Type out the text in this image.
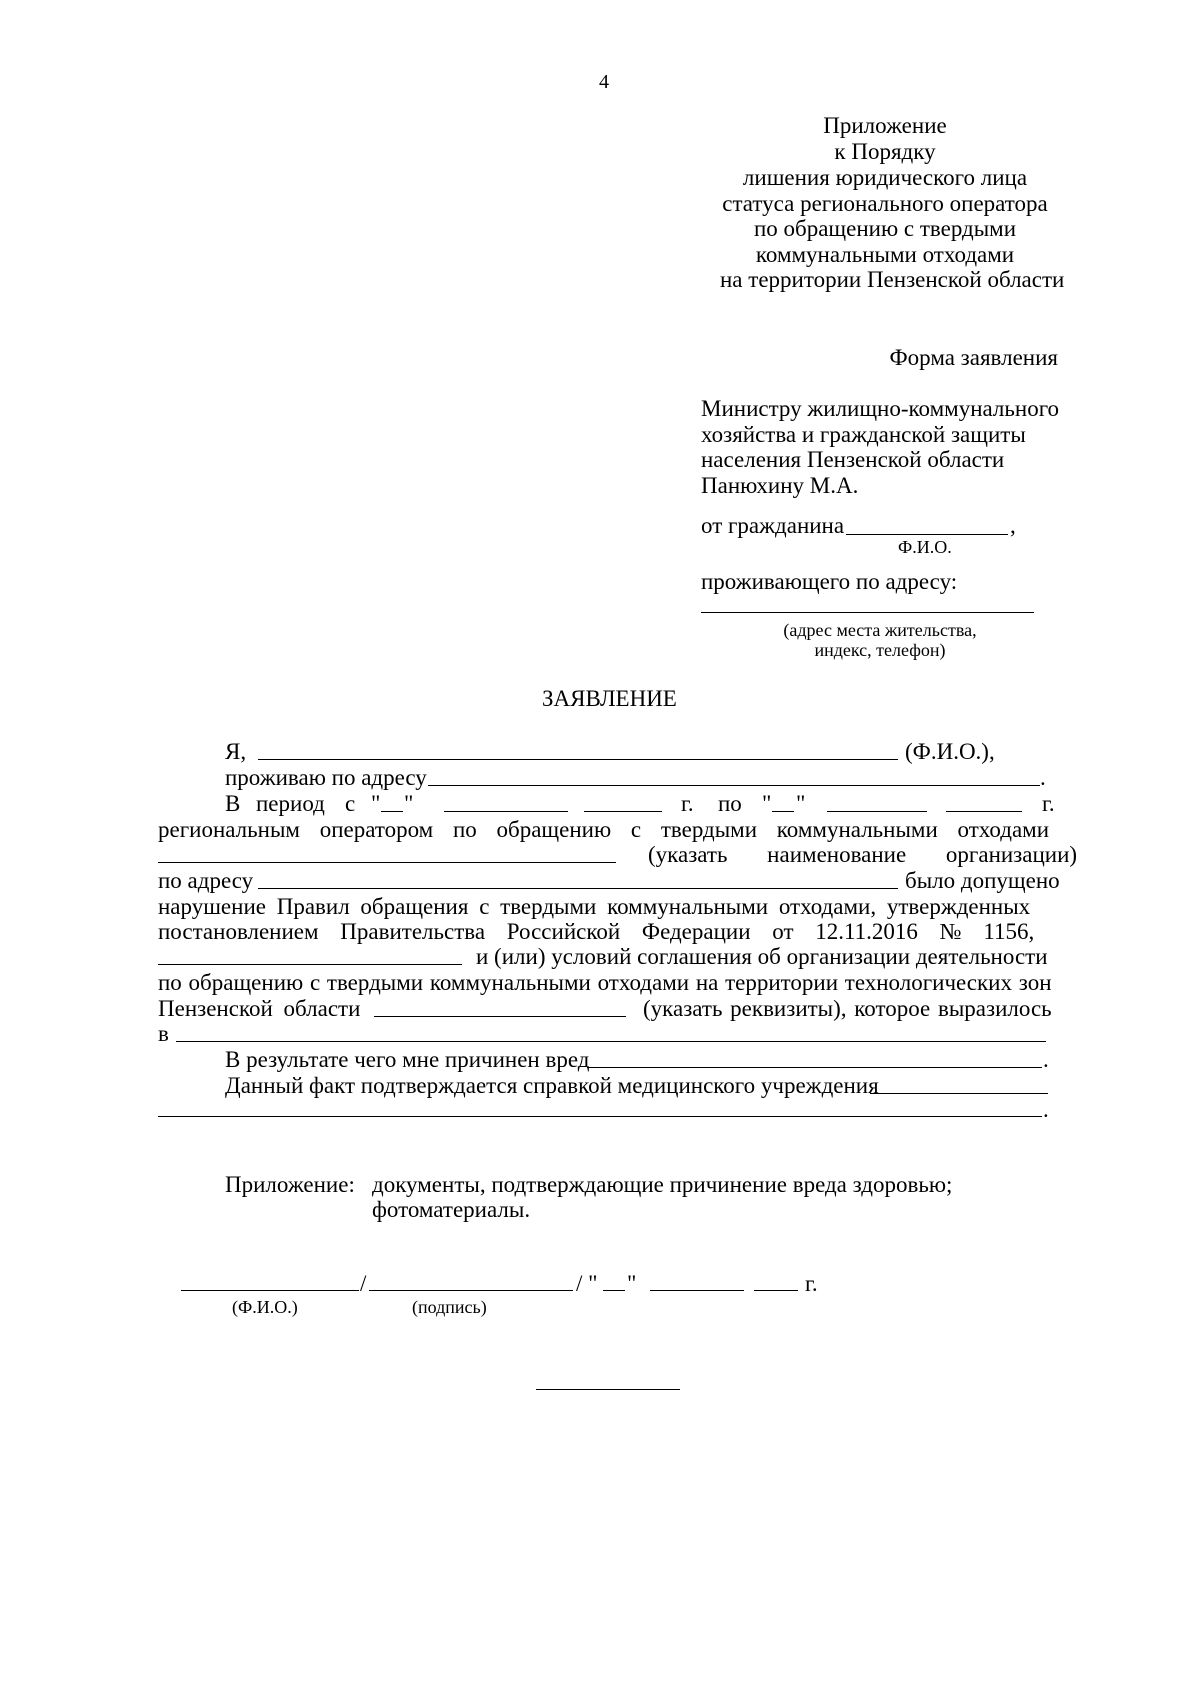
4
Приложение
к Порядку
лишения юридического лица
статуса регионального оператора
по обращению с твердыми
коммунальными отходами
на территории Пензенской области
Форма заявления
Министру жилищно-коммунального
хозяйства и гражданской защиты
населения Пензенской области
Панюхину М.А.
от гражданина	,
Ф.И.О.
проживающего по адресу:
(адрес места жительства,
индекс, телефон)
ЗАЯВЛЕНИЕ
Я,	(Ф.И.О.),
проживаю по адресу	.
В период с " "	г. по " "	г.
региональным оператором по обращению с твердыми коммунальными отходами
(указать наименование организации)
по адресу	было допущено
нарушение Правил обращения с твердыми коммунальными отходами, утвержденных
постановлением Правительства Российской Федерации от 12.11.2016 № 1156,
и (или) условий соглашения об организации деятельности
по обращению с твердыми коммунальными отходами на территории технологических зон
Пензенской области	(указать реквизиты), которое выразилось
в
В результате чего мне причинен вред	.
Данный факт подтверждается справкой медицинского учреждения
.
Приложение: документы, подтверждающие причинение вреда здоровью;
фотоматериалы.
/	/ " "	г.
(Ф.И.О.)	(подпись)
